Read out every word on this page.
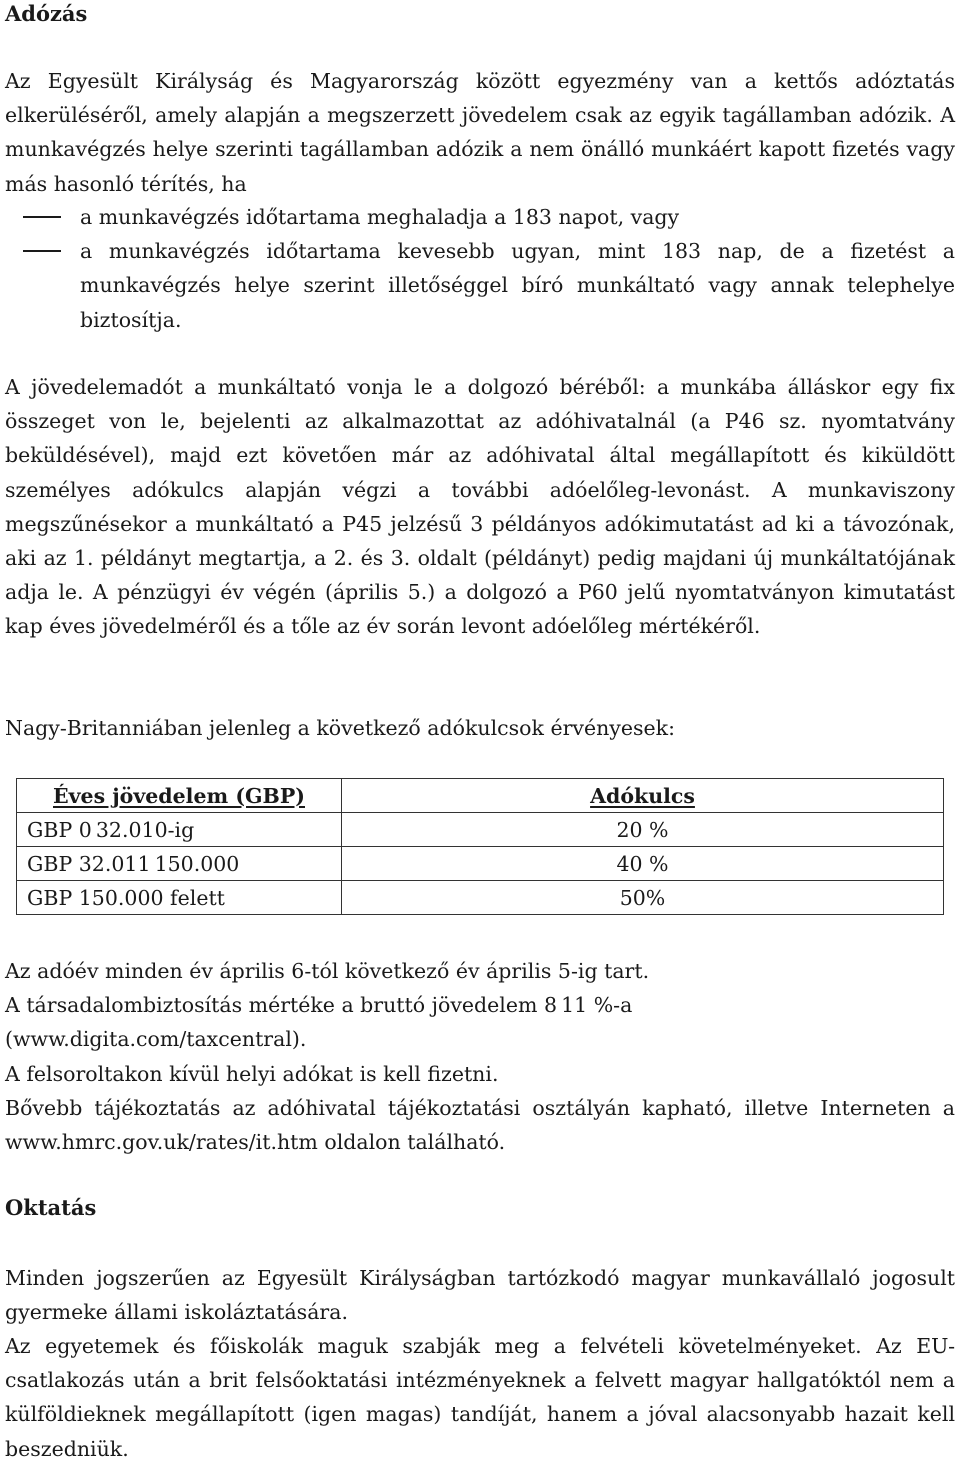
Adózás

Az Egyesült Királyság és Magyarország között egyezmény van a kettős adóztatás elkerüléséről, amely alapján a megszerzett jövedelem csak az egyik tagállamban adózik. A munkavégzés helye szerinti tagállamban adózik a nem önálló munkáért kapott fizetés vagy más hasonló térítés, ha

a munkavégzés időtartama meghaladja a 183 napot, vagy
a munkavégzés időtartama kevesebb ugyan, mint 183 nap, de a fizetést a munkavégzés helye szerint illetőséggel bíró munkáltató vagy annak telephelye biztosítja.

A jövedelemadót a munkáltató vonja le a dolgozó béréből: a munkába álláskor egy fix összeget von le, bejelenti az alkalmazottat az adóhivatalnál (a P46 sz. nyomtatvány beküldésével), majd ezt követően már az adóhivatal által megállapított és kiküldött személyes adókulcs alapján végzi a további adóelőleg-levonást. A munkaviszony megszűnésekor a munkáltató a P45 jelzésű 3 példányos adókimutatást ad ki a távozónak, aki az 1. példányt megtartja, a 2. és 3. oldalt (példányt) pedig majdani új munkáltatójának adja le. A pénzügyi év végén (április 5.) a dolgozó a P60 jelű nyomtatványon kimutatást kap éves jövedelméről és a tőle az év során levont adóelőleg mértékéről.

Nagy-Britanniában jelenleg a következő adókulcsok érvényesek:

Éves jövedelem (GBP)	Adókulcs
GBP 0 32.010-ig	20 %
GBP 32.011 150.000	40 %
GBP 150.000 felett	50%

Az adóév minden év április 6-tól következő év április 5-ig tart.

A társadalombiztosítás mértéke a bruttó jövedelem 8 11 %-a

(www.digita.com/taxcentral).

A felsoroltakon kívül helyi adókat is kell fizetni.

Bővebb tájékoztatás az adóhivatal tájékoztatási osztályán kapható, illetve Interneten a www.hmrc.gov.uk/rates/it.htm oldalon található.

Oktatás

Minden jogszerűen az Egyesült Királyságban tartózkodó magyar munkavállaló jogosult gyermeke állami iskoláztatására.

Az egyetemek és főiskolák maguk szabják meg a felvételi követelményeket. Az EU-csatlakozás után a brit felsőoktatási intézményeknek a felvett magyar hallgatóktól nem a külföldieknek megállapított (igen magas) tandíját, hanem a jóval alacsonyabb hazait kell beszedniük.
